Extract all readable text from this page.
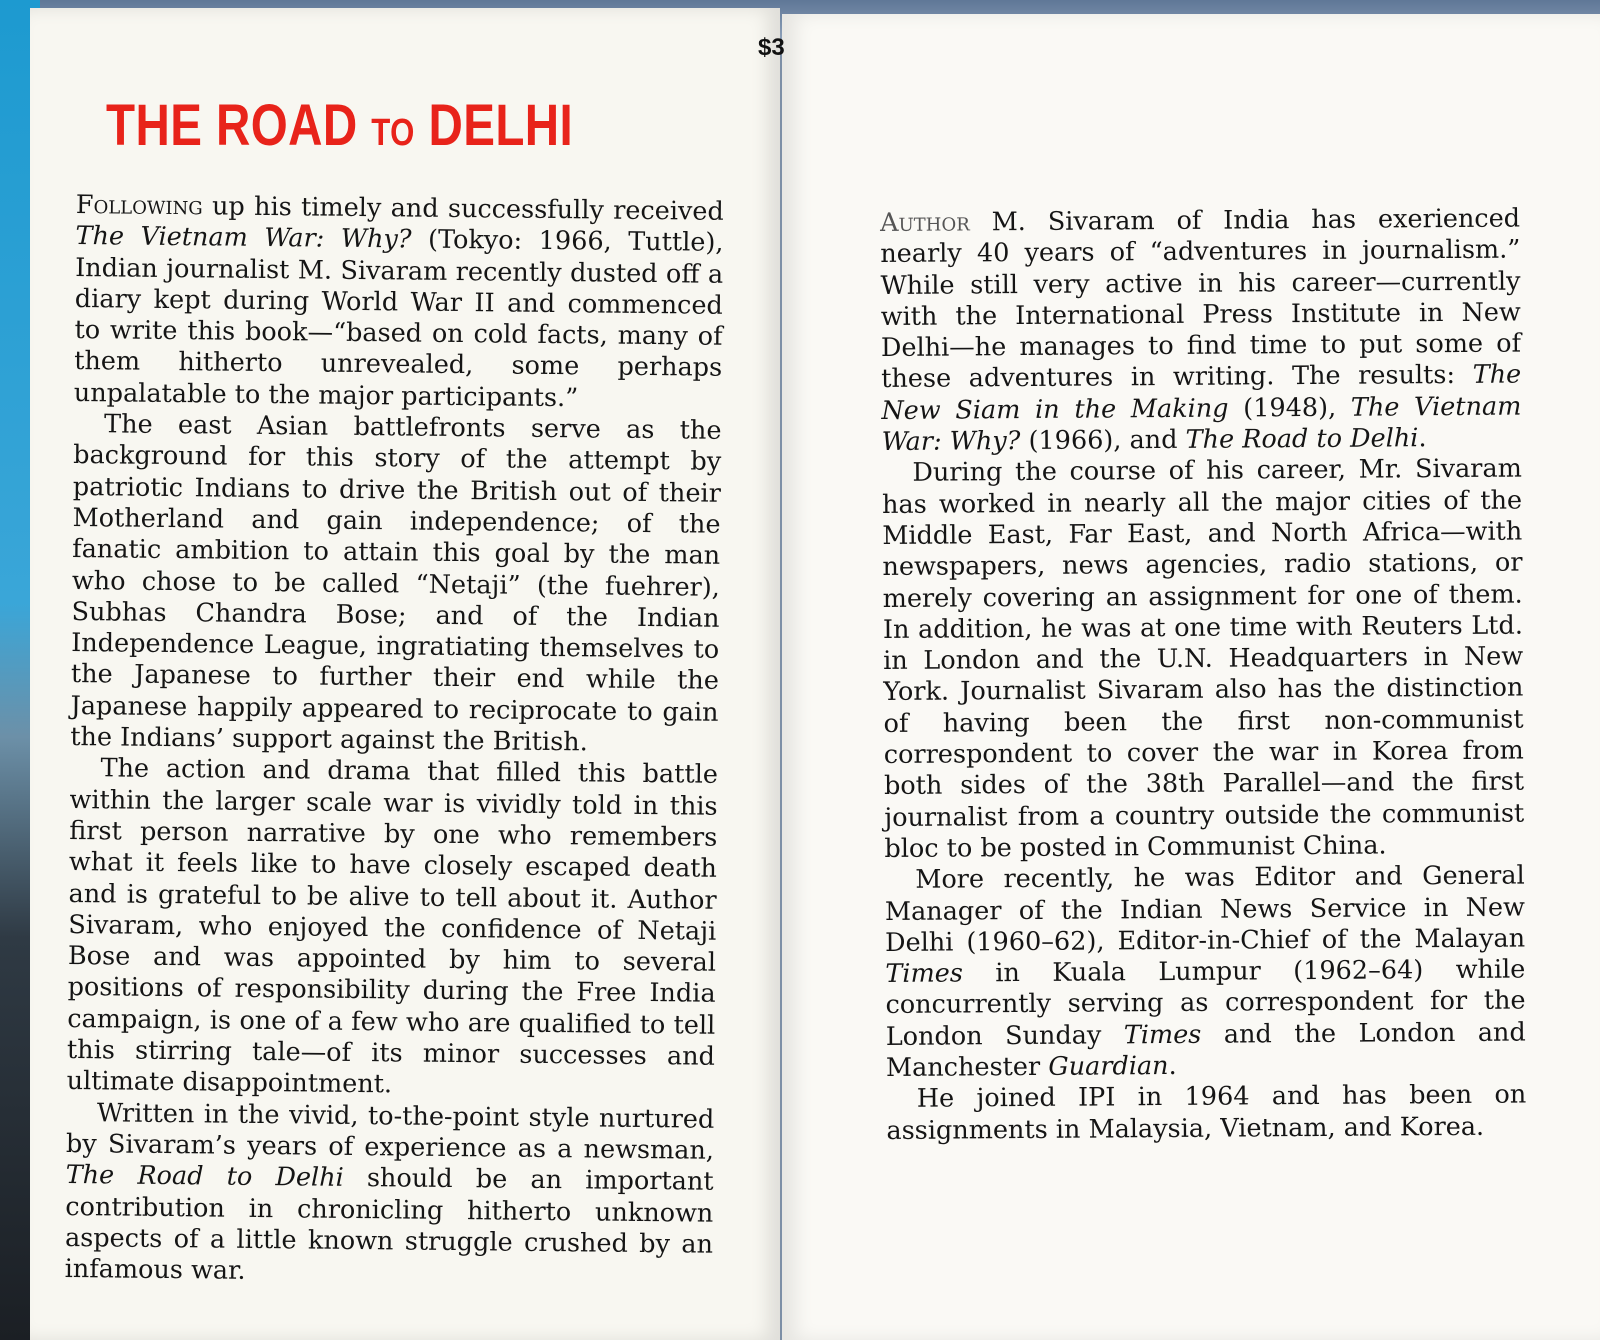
$3
THE ROAD TO DELHI

Following up his timely and successfully received The Vietnam War: Why? (Tokyo: 1966, Tuttle), Indian journalist M. Sivaram recently dusted off a diary kept during World War II and commenced to write this book—“based on cold facts, many of them hitherto unrevealed, some perhaps unpalatable to the major participants.”

The east Asian battlefronts serve as the background for this story of the attempt by patriotic Indians to drive the British out of their Motherland and gain independence; of the fanatic ambition to attain this goal by the man who chose to be called “Netaji” (the fuehrer), Subhas Chandra Bose; and of the Indian Independence League, ingratiating themselves to the Japanese to further their end while the Japanese happily appeared to reciprocate to gain the Indians’ support against the British.

The action and drama that filled this battle within the larger scale war is vividly told in this first person narrative by one who remembers what it feels like to have closely escaped death and is grateful to be alive to tell about it. Author Sivaram, who enjoyed the confidence of Netaji Bose and was appointed by him to several positions of responsibility during the Free India campaign, is one of a few who are qualified to tell this stirring tale—of its minor successes and ultimate disappointment.

Written in the vivid, to-the-point style nurtured by Sivaram’s years of experience as a newsman, The Road to Delhi should be an important contribution in chronicling hitherto unknown aspects of a little known struggle crushed by an infamous war.

Author M. Sivaram of India has exerienced nearly 40 years of “adventures in journalism.” While still very active in his career—currently with the International Press Institute in New Delhi—he manages to find time to put some of these adventures in writing. The results: The New Siam in the Making (1948), The Vietnam War: Why? (1966), and The Road to Delhi.

During the course of his career, Mr. Sivaram has worked in nearly all the major cities of the Middle East, Far East, and North Africa—with newspapers, news agencies, radio stations, or merely covering an assignment for one of them. In addition, he was at one time with Reuters Ltd. in London and the U.N. Headquarters in New York. Journalist Sivaram also has the distinction of having been the first non-communist correspondent to cover the war in Korea from both sides of the 38th Parallel—and the first journalist from a country outside the communist bloc to be posted in Communist China.

More recently, he was Editor and General Manager of the Indian News Service in New Delhi (1960–62), Editor-in-Chief of the Malayan Times in Kuala Lumpur (1962–64) while concurrently serving as correspondent for the London Sunday Times and the London and Manchester Guardian.

He joined IPI in 1964 and has been on assignments in Malaysia, Vietnam, and Korea.
